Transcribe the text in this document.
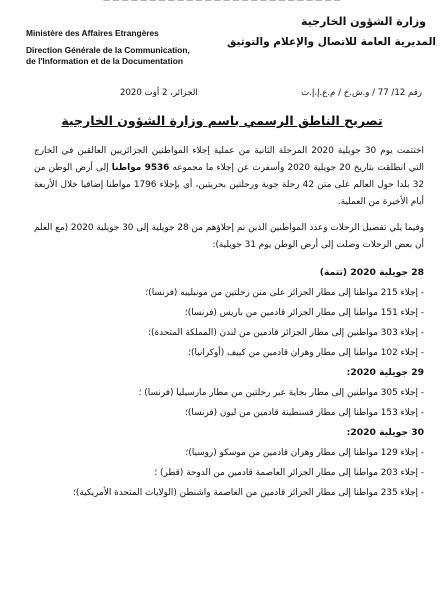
— — — — — — — — — — — — — — — — — — — — — — — — — —
Ministère des Affaires Etrangères
Direction Générale de la Communication,
de l'Information et de la Documentation
وزارة الشؤون الخارجية
المديرية العامة للاتصال والإعلام والتوثيق
رقم 12/ 77 / و.ش.خ / م.ع.إ.إ.ت
الجزائر، 2 أوت 2020
تصريح الناطق الرسمي باسم وزارة الشؤون الخارجية

اختتمت يوم 30 جويلية 2020 المرحلة الثانية من عملية إجلاء المواطنين الجزائريين العالقين في الخارج التي انطلقت بتاريخ 20 جويلية 2020 وأسفرت عن إجلاء ما مجموعه 9536 مواطنا إلى أرض الوطن من 32 بلدا حول العالم على متن 42 رحلة جوية ورحلتين بحريتين، أي بإجلاء 1796 مواطنا إضافيا خلال الأربعة أيام الأخيرة من العملية.

وفيما يلي تفصيل الرحلات وعدد المواطنين الذين تم إجلاؤهم من 28 جويلية إلى 30 جويلية 2020 (مع العلم أن بعض الرحلات وصلت إلى أرض الوطن يوم 31 جويلية):

28 جويلية 2020 (تتمة)

- إجلاء 215 مواطنا إلى مطار الجزائر على متن رحلتين من مونبلييه (فرنسا)؛

- إجلاء 151 مواطنا إلى مطار الجزائر قادمين من باريس (فرنسا)؛

- إجلاء 303 مواطنين إلى مطار الجزائر قادمين من لندن (المملكة المتحدة)؛

- إجلاء 102 مواطنا إلى مطار وهران قادمين من كييف (أوكرانيا)؛

29 جويلية 2020:

- إجلاء 305 مواطنين إلى مطار بجاية عبر رحلتين من مطار مارسيليا (فرنسا) ؛

- إجلاء 153 مواطنا إلى مطار قسنطينة قادمين من ليون (فرنسا)؛

30 جويلية 2020:

- إجلاء 129 مواطنا إلى مطار وهران قادمين من موسكو (روسيا)؛

- إجلاء 203 مواطنا إلى مطار الجزائر العاصمة قادمين من الدوحة (قطر) ؛

- إجلاء 235 مواطنا إلى مطار الجزائر قادمين من العاصمة واشنطن (الولايات المتحدة الأمريكية)؛
